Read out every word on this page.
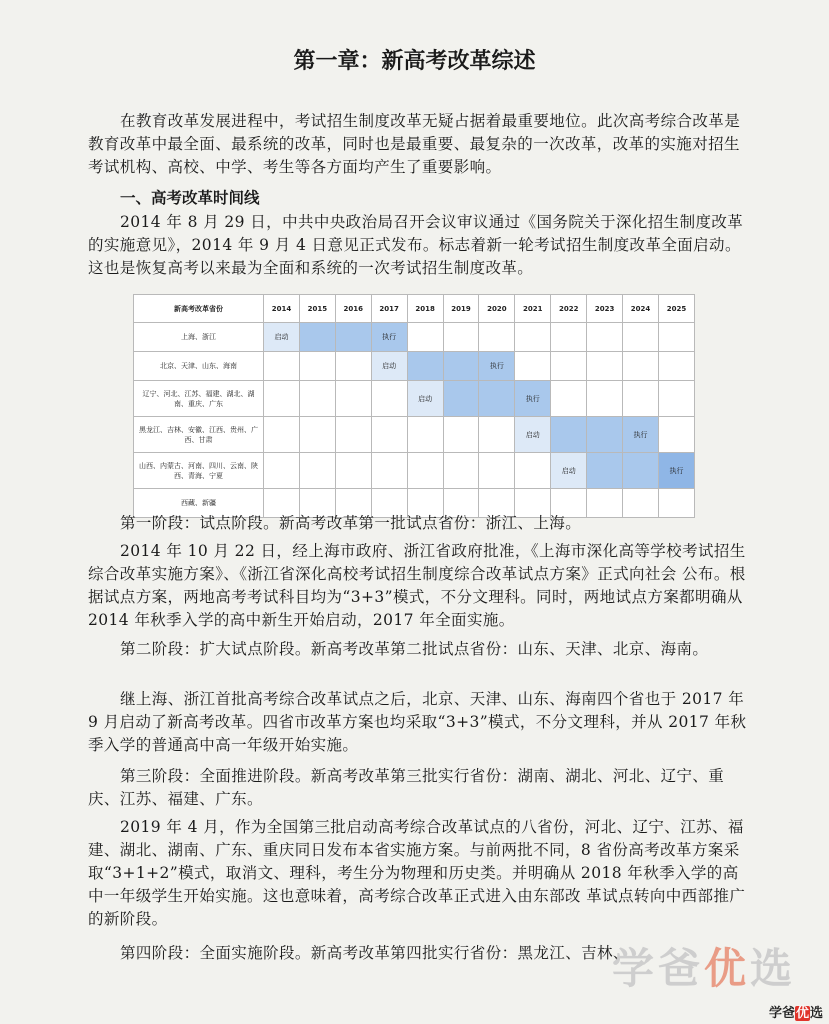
第一章：新高考改革综述
在教育改革发展进程中，考试招生制度改革无疑占据着最重要地位。此次高考综合改革是教育改革中最全面、最系统的改革，同时也是最重要、最复杂的一次改革，改革的实施对招生考试机构、高校、中学、考生等各方面均产生了重要影响。
一、高考改革时间线
2014 年 8 月 29 日，中共中央政治局召开会议审议通过《国务院关于深化招生制度改革的实施意见》，2014 年 9 月 4 日意见正式发布。标志着新一轮考试招生制度改革全面启动。这也是恢复高考以来最为全面和系统的一次考试招生制度改革。
新高考改革省份	2014	2015	2016	2017	2018	2019	2020	2021	2022	2023	2024	2025
上海、浙江	启动			执行								
北京、天津、山东、海南				启动			执行					
辽宁、河北、江苏、福建、湖北、湖南、重庆、广东					启动			执行				
黑龙江、吉林、安徽、江西、贵州、广西、甘肃								启动			执行	
山西、内蒙古、河南、四川、云南、陕西、青海、宁夏									启动			执行
西藏、新疆												
第一阶段：试点阶段。新高考改革第一批试点省份：浙江、上海。
2014 年 10 月 22 日，经上海市政府、浙江省政府批准，《上海市深化高等学校考试招生综合改革实施方案》、《浙江省深化高校考试招生制度综合改革试点方案》正式向社会 公布。根据试点方案，两地高考考试科目均为“3+3”模式，不分文理科。同时，两地试点方案都明确从 2014 年秋季入学的高中新生开始启动，2017 年全面实施。
第二阶段：扩大试点阶段。新高考改革第二批试点省份：山东、天津、北京、海南。
继上海、浙江首批高考综合改革试点之后，北京、天津、山东、海南四个省也于 2017 年 9 月启动了新高考改革。四省市改革方案也均采取“3+3”模式，不分文理科，并从 2017 年秋季入学的普通高中高一年级开始实施。
第三阶段：全面推进阶段。新高考改革第三批实行省份：湖南、湖北、河北、辽宁、重庆、江苏、福建、广东。
2019 年 4 月，作为全国第三批启动高考综合改革试点的八省份，河北、辽宁、江苏、福建、湖北、湖南、广东、重庆同日发布本省实施方案。与前两批不同，8 省份高考改革方案采取“3+1+2”模式，取消文、理科，考生分为物理和历史类。并明确从 2018 年秋季入学的高中一年级学生开始实施。这也意味着，高考综合改革正式进入由东部改 革试点转向中西部推广的新阶段。
第四阶段：全面实施阶段。新高考改革第四批实行省份：黑龙江、吉林、
学爸优选
学爸优选
